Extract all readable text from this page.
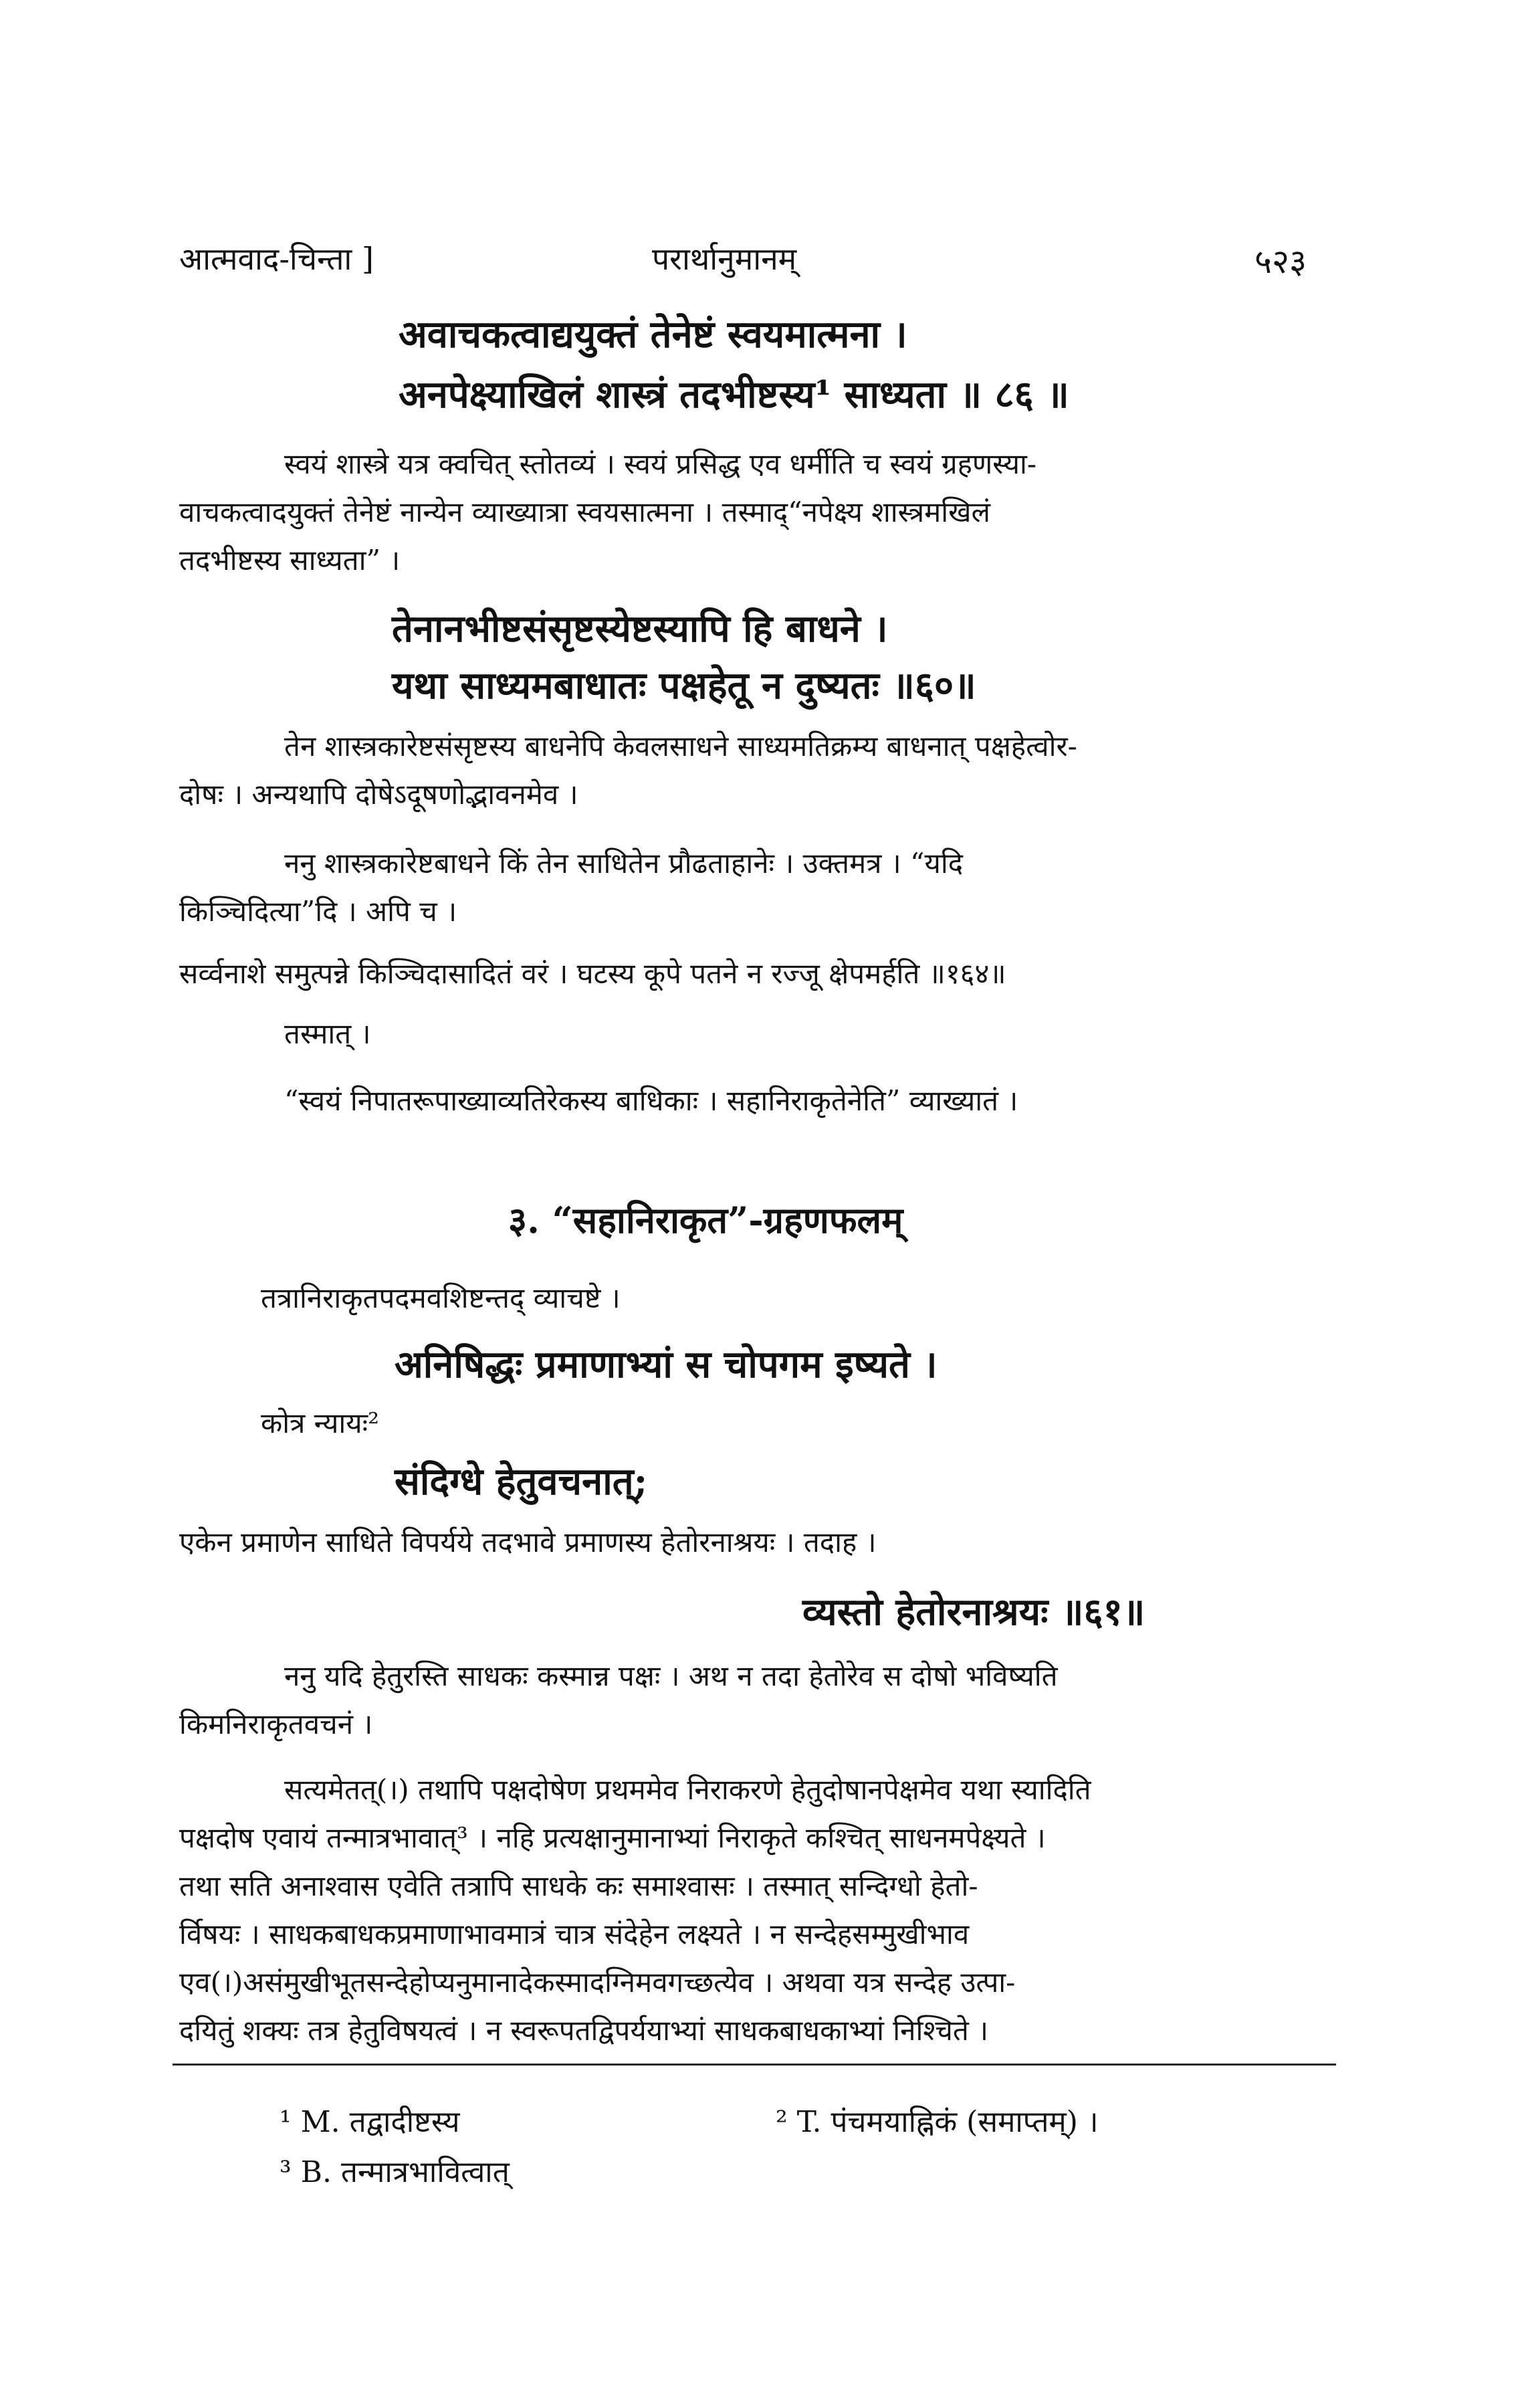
आत्मवाद-चिन्ता ]	परार्थानुमानम्	५२३
अवाचकत्वाद्ययुक्तं तेनेष्टं स्वयमात्मना ।
अनपेक्ष्याखिलं शास्त्रं तदभीष्टस्य¹ साध्यता ॥ ८६ ॥
स्वयं शास्त्रे यत्र क्वचित् स्तोतव्यं । स्वयं प्रसिद्ध एव धर्मीति च स्वयं ग्रहणस्या-
वाचकत्वादयुक्तं तेनेष्टं नान्येन व्याख्यात्रा स्वयसात्मना । तस्माद्“नपेक्ष्य शास्त्रमखिलं
तदभीष्टस्य साध्यता” ।
तेनानभीष्टसंसृष्टस्येष्टस्यापि हि बाधने ।
यथा साध्यमबाधातः पक्षहेतू न दुष्यतः ॥६०॥
तेन शास्त्रकारेष्टसंसृष्टस्य बाधनेपि केवलसाधने साध्यमतिक्रम्य बाधनात् पक्षहेत्वोर-
दोषः । अन्यथापि दोषेऽदूषणोद्भावनमेव ।
ननु शास्त्रकारेष्टबाधने किं तेन साधितेन प्रौढताहानेः । उक्तमत्र । “यदि
किञ्चिदित्या”दि । अपि च ।
सर्व्वनाशे समुत्पन्ने किञ्चिदासादितं वरं । घटस्य कूपे पतने न रज्जू क्षेपमर्हति ॥१६४॥
तस्मात् ।
“स्वयं निपातरूपाख्याव्यतिरेकस्य बाधिकाः । सहानिराकृतेनेति” व्याख्यातं ।
३. “सहानिराकृत”-ग्रहणफलम्
तत्रानिराकृतपदमवशिष्टन्तद् व्याचष्टे ।
अनिषिद्धः प्रमाणाभ्यां स चोपगम इष्यते ।
कोत्र न्यायः²
संदिग्धे हेतुवचनात्;
एकेन प्रमाणेन साधिते विपर्यये तदभावे प्रमाणस्य हेतोरनाश्रयः । तदाह ।
व्यस्तो हेतोरनाश्रयः ॥६१॥
ननु यदि हेतुरस्ति साधकः कस्मान्न पक्षः । अथ न तदा हेतोरेव स दोषो भविष्यति
किमनिराकृतवचनं ।
सत्यमेतत्(।) तथापि पक्षदोषेण प्रथममेव निराकरणे हेतुदोषानपेक्षमेव यथा स्यादिति
पक्षदोष एवायं तन्मात्रभावात्³ । नहि प्रत्यक्षानुमानाभ्यां निराकृते कश्चित् साधनमपेक्ष्यते ।
तथा सति अनाश्वास एवेति तत्रापि साधके कः समाश्वासः । तस्मात् सन्दिग्धो हेतो-
र्विषयः । साधकबाधकप्रमाणाभावमात्रं चात्र संदेहेन लक्ष्यते । न सन्देहसम्मुखीभाव
एव(।)असंमुखीभूतसन्देहोप्यनुमानादेकस्मादग्निमवगच्छत्येव । अथवा यत्र सन्देह उत्पा-
दयितुं शक्यः तत्र हेतुविषयत्वं । न स्वरूपतद्विपर्ययाभ्यां साधकबाधकाभ्यां निश्चिते ।
¹ M. तद्वादीष्टस्य	² T. पंचमयाह्निकं (समाप्तम्) ।
³ B. तन्मात्रभावित्वात्
